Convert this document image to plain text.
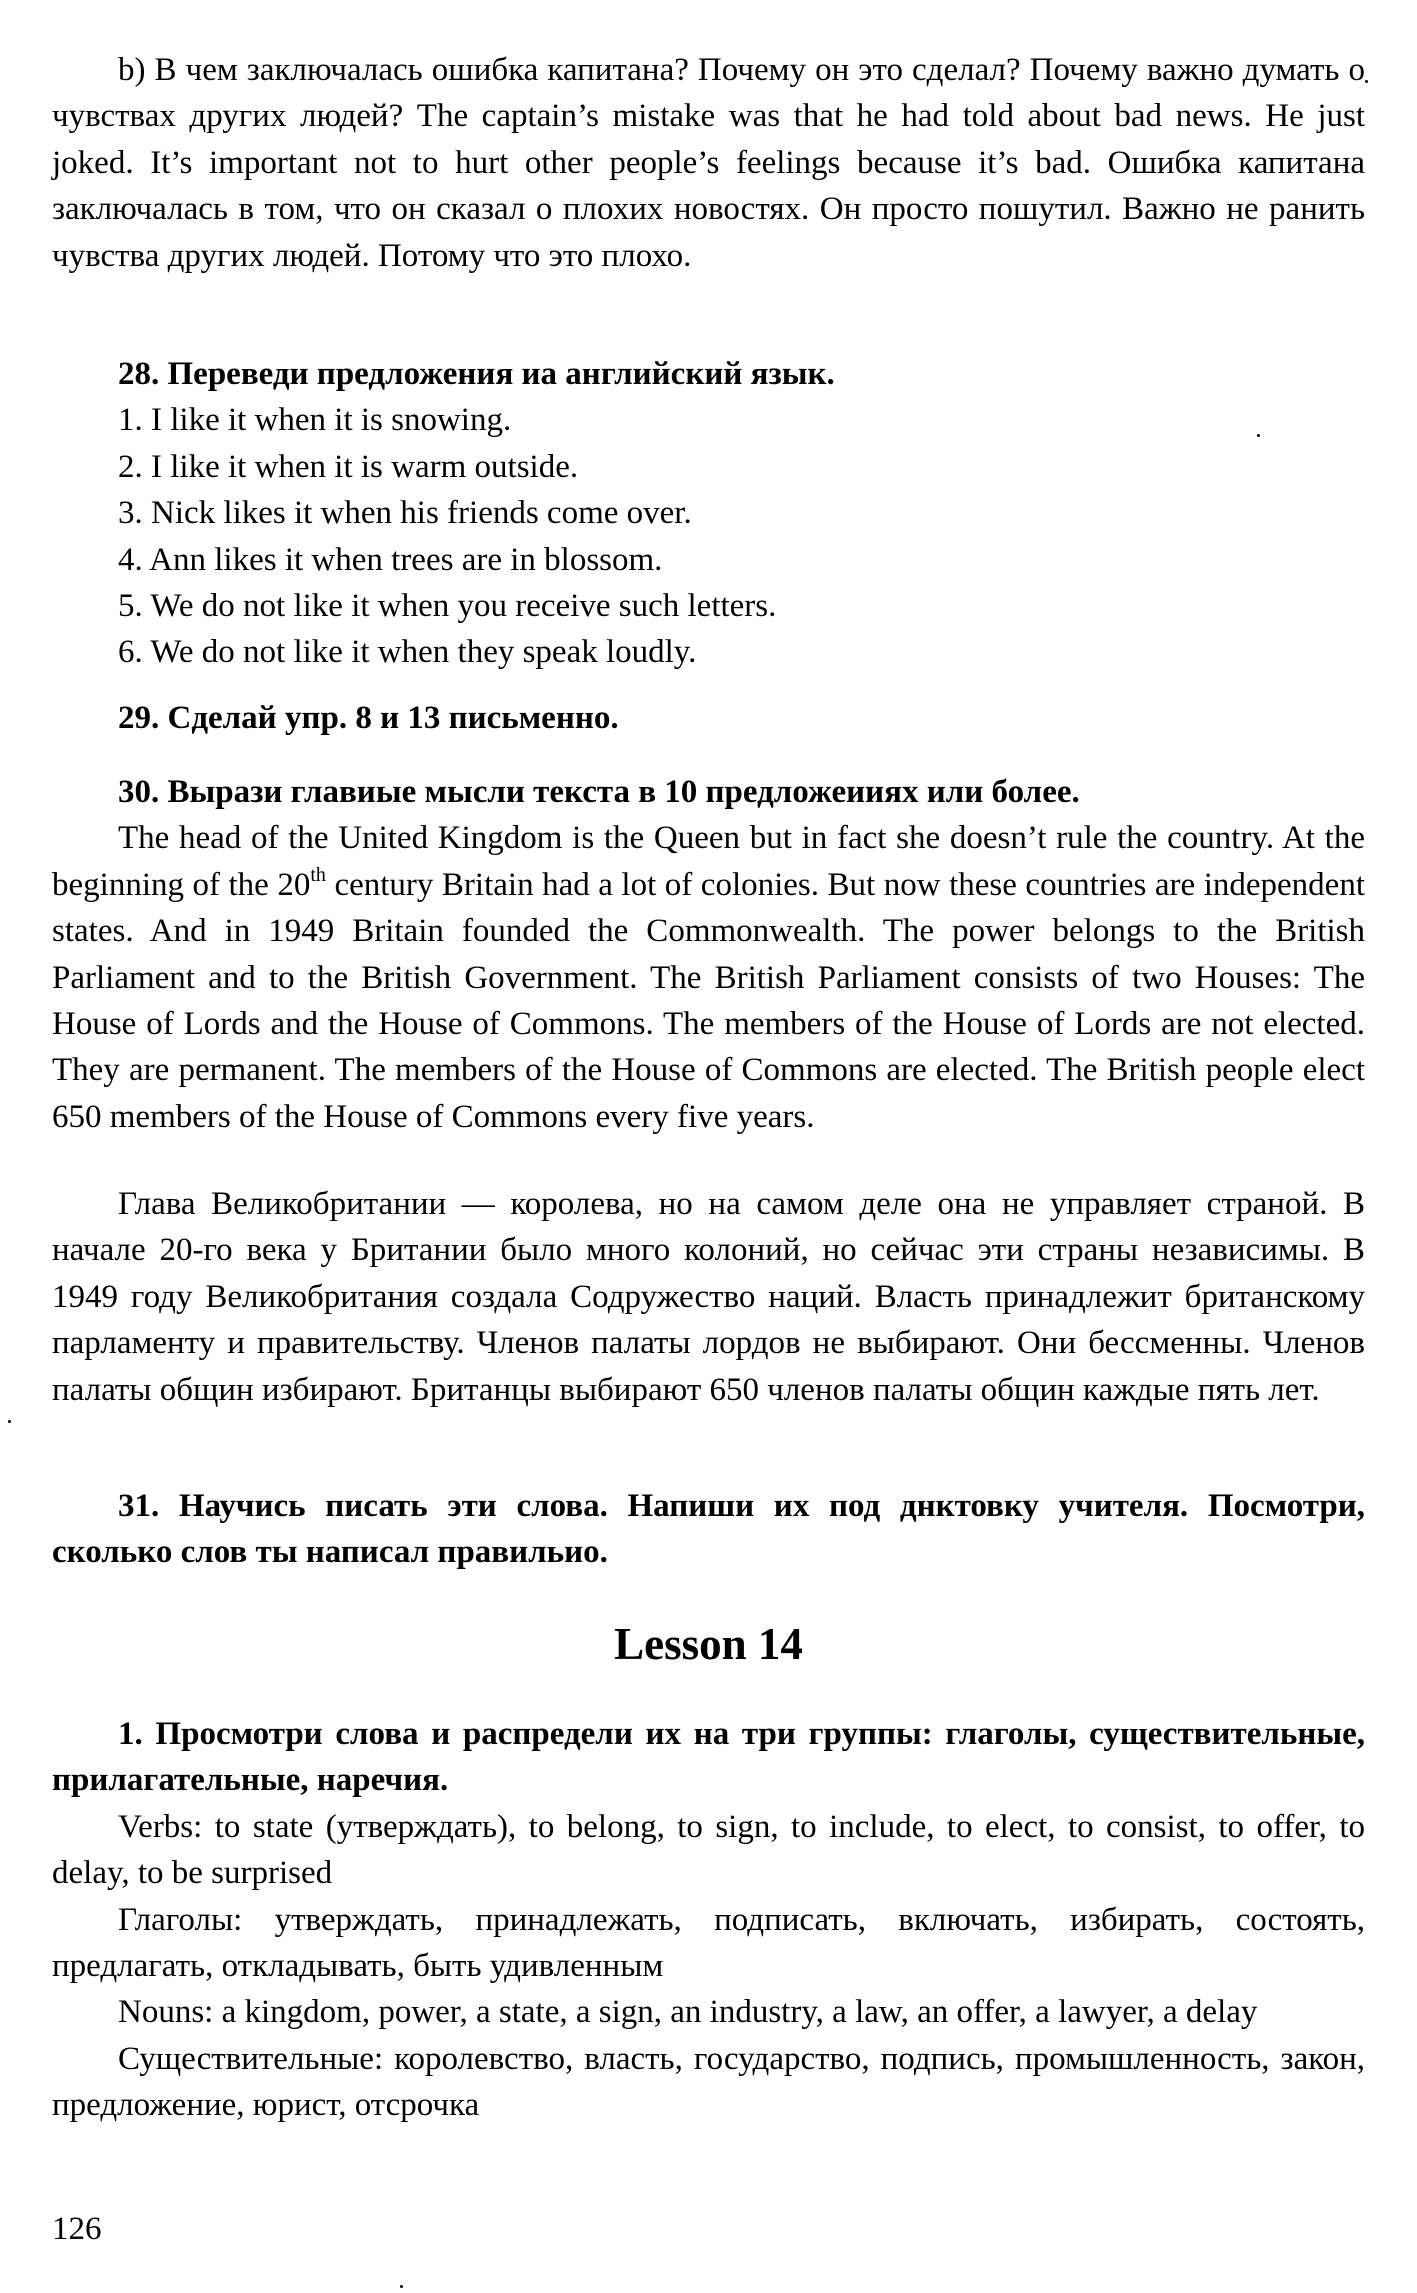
b) В чем заключалась ошибка капитана? Почему он это сделал? Почему важно думать о чувствах других людей? The captain’s mistake was that he had told about bad news. He just joked. It’s important not to hurt other people’s feelings because it’s bad. Ошибка капитана заключалась в том, что он сказал о плохих новостях. Он просто пошутил. Важно не ранить чувства других людей. Потому что это плохо.

28. Переведи предложения иа английский язык.

1. I like it when it is snowing.

2. I like it when it is warm outside.

3. Nick likes it when his friends come over.

4. Ann likes it when trees are in blossom.

5. We do not like it when you receive such letters.

6. We do not like it when they speak loudly.

29. Сделай упр. 8 и 13 письменно.

30. Вырази главиые мысли текста в 10 предложеииях или более.

The head of the United Kingdom is the Queen but in fact she doesn’t rule the country. At the beginning of the 20th century Britain had a lot of colonies. But now these countries are independent states. And in 1949 Britain founded the Commonwealth. The power belongs to the British Parliament and to the British Government. The British Parliament consists of two Houses: The House of Lords and the House of Commons. The members of the House of Lords are not elected. They are permanent. The members of the House of Commons are elected. The British people elect 650 members of the House of Commons every five years.

Глава Великобритании — королева, но на самом деле она не управляет страной. В начале 20-го века у Британии было много колоний, но сейчас эти страны независимы. В 1949 году Великобритания создала Содружество наций. Власть принадлежит британскому парламенту и правительству. Членов палаты лордов не выбирают. Они бессменны. Членов палаты общин избирают. Британцы выбирают 650 членов палаты общин каждые пять лет.

31. Научись писать эти слова. Напиши их под днктовку учителя. Посмотри, сколько слов ты написал правильио.

Lesson 14

1. Просмотри слова и распредели их на три группы: глаголы, существительные, прилагательные, наречия.

Verbs: to state (утверждать), to belong, to sign, to include, to elect, to consist, to offer, to delay, to be surprised

Глаголы: утверждать, принадлежать, подписать, включать, избирать, состоять, предлагать, откладывать, быть удивленным

Nouns: a kingdom, power, a state, a sign, an industry, a law, an offer, a lawyer, a delay

Существительные: королевство, власть, государство, подпись, промышленность, закон, предложение, юрист, отсрочка

126
